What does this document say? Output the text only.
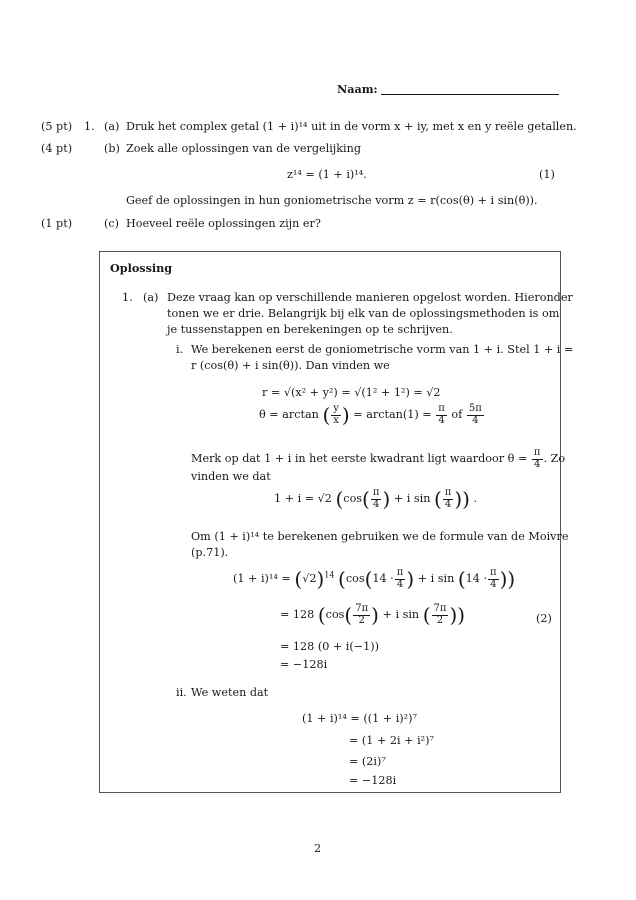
Naam:
(5 pt) 1. (a) Druk het complex getal (1 + i)¹⁴ uit in de vorm x + iy, met x en y reële getallen.
(4 pt)	(b) Zoek alle oplossingen van de vergelijking
z¹⁴ = (1 + i)¹⁴.	(1)
Geef de oplossingen in hun goniometrische vorm z = r(cos(θ) + i sin(θ)).
(1 pt)	(c) Hoeveel reële oplossingen zijn er?
Oplossing
1. (a) Deze vraag kan op verschillende manieren opgelost worden. Hieronder
tonen we er drie. Belangrijk bij elk van de oplossingsmethoden is om
je tussenstappen en berekeningen op te schrijven.
i. We berekenen eerst de goniometrische vorm van 1 + i. Stel 1 + i =
r (cos(θ) + i sin(θ)). Dan vinden we
r = √(x² + y²) = √(1² + 1²) = √2
θ = arctan ( $\frac{y}{x}$ ) = $\arctan(1) = \frac{\pi}{4}$ of $\frac{5\pi}{4}$
Merk op dat 1 + i in het eerste kwadrant ligt waardoor $\theta = \frac{\pi}{4}$ . Zo
vinden we dat
1 + i = √2 ($\cos( \frac{\pi}{4}$ ) + i sin ( $\frac{\pi}{4}$ )) .
Om (1 + i)¹⁴ te berekenen gebruiken we de formule van de Moivre
(p.71).
$(1 + i)^{14} = (√2)^{14}$ ($\cos(14 \cdot \frac{\pi}{4}$ ) + i $\sin (14 \cdot \frac{\pi}{4}$ ))
= 128 ($\cos( \frac{7\pi}{2}$ ) + i sin ( $\frac{7\pi}{2}$ ))	(2)
= 128 (0 + i(−1))
= −128i
ii. We weten dat
(1 + i)¹⁴ = ((1 + i)²)⁷
= (1 + 2i + i²)⁷
= (2i)⁷
= −128i
2
